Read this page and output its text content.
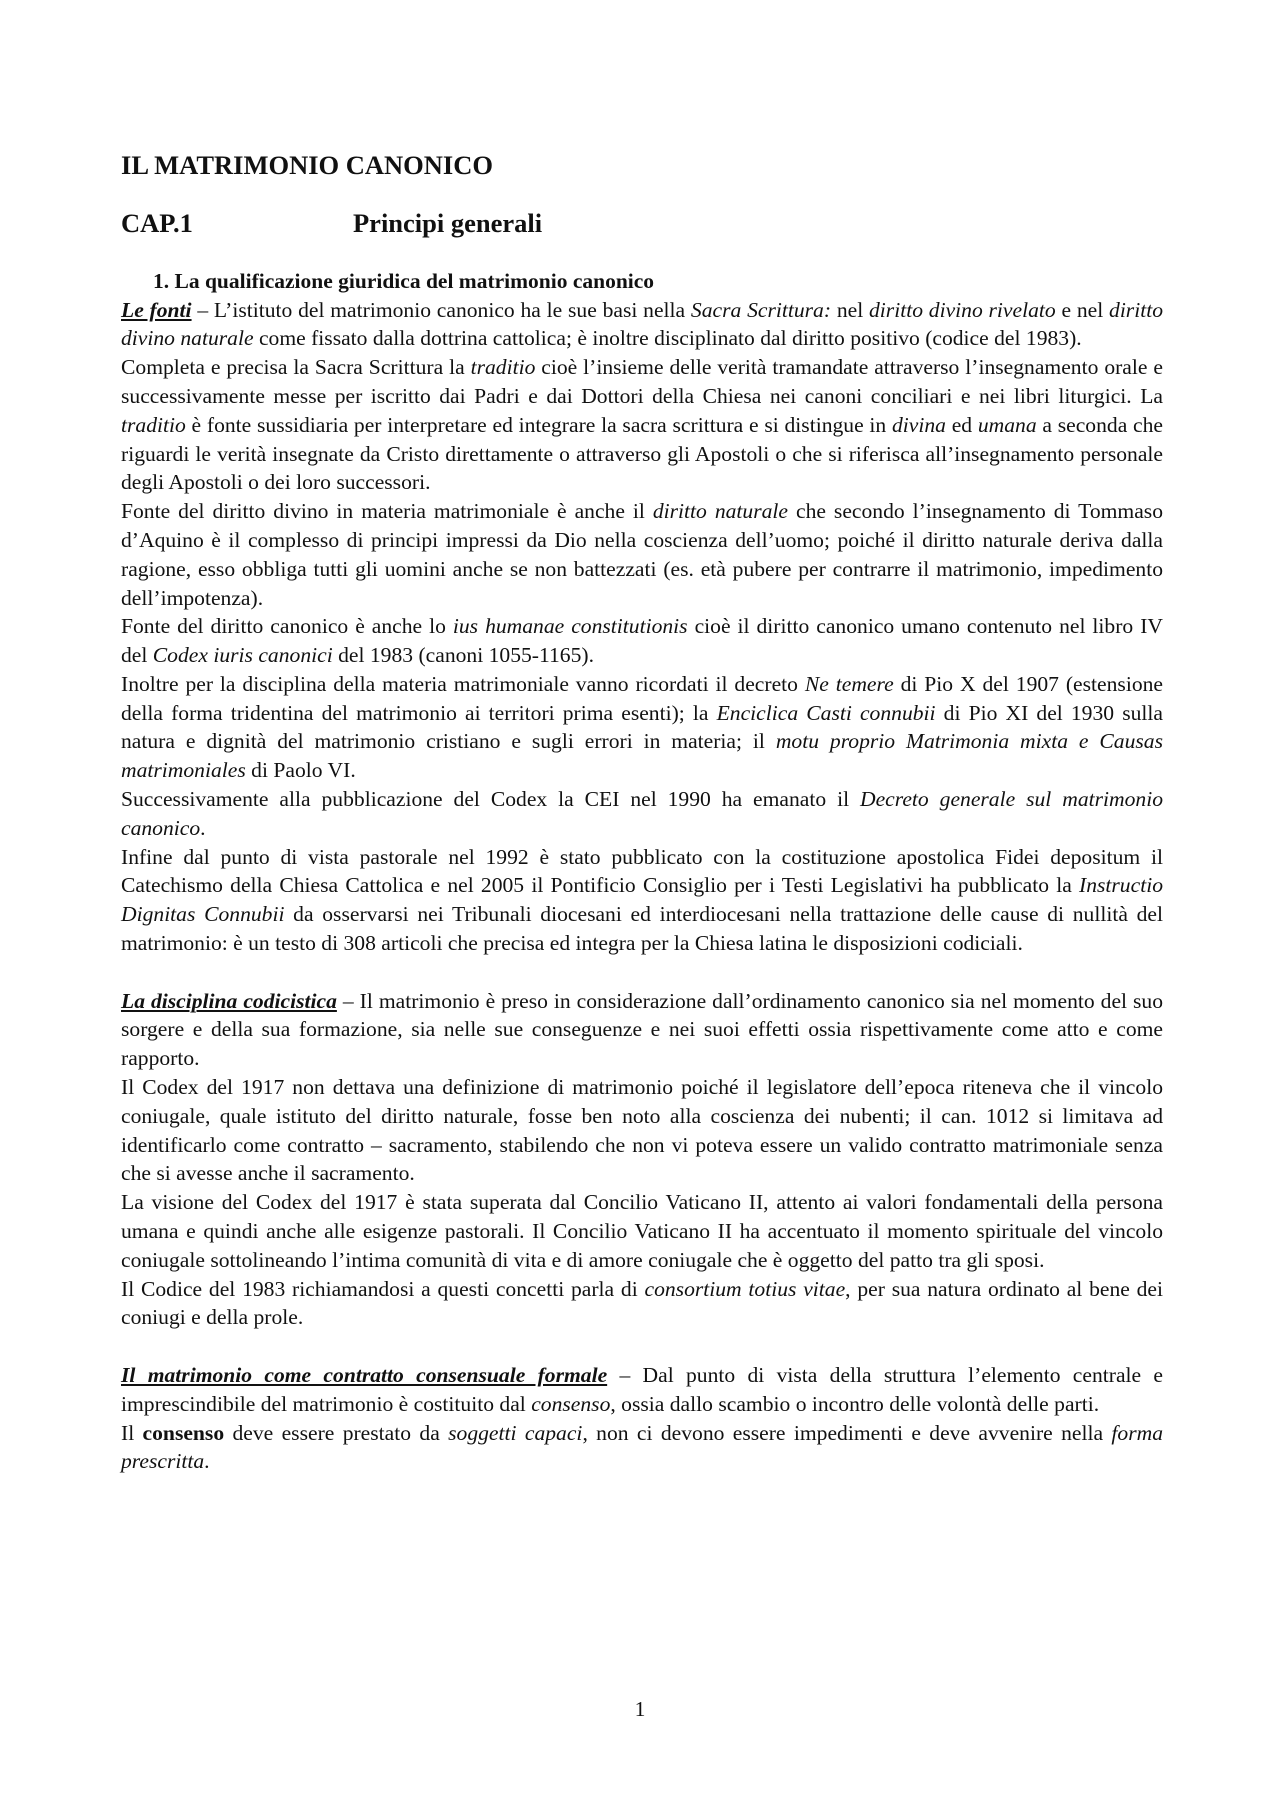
IL MATRIMONIO CANONICO
CAP.1	Principi generali
1. La qualificazione giuridica del matrimonio canonico

Le fonti – L’istituto del matrimonio canonico ha le sue basi nella Sacra Scrittura: nel diritto divino rivelato e nel diritto divino naturale come fissato dalla dottrina cattolica; è inoltre disciplinato dal diritto positivo (codice del 1983).

Completa e precisa la Sacra Scrittura la traditio cioè l’insieme delle verità tramandate attraverso l’insegnamento orale e successivamente messe per iscritto dai Padri e dai Dottori della Chiesa nei canoni conciliari e nei libri liturgici. La traditio è fonte sussidiaria per interpretare ed integrare la sacra scrittura e si distingue in divina ed umana a seconda che riguardi le verità insegnate da Cristo direttamente o attraverso gli Apostoli o che si riferisca all’insegnamento personale degli Apostoli o dei loro successori.

Fonte del diritto divino in materia matrimoniale è anche il diritto naturale che secondo l’insegnamento di Tommaso d’Aquino è il complesso di principi impressi da Dio nella coscienza dell’uomo; poiché il diritto naturale deriva dalla ragione, esso obbliga tutti gli uomini anche se non battezzati (es. età pubere per contrarre il matrimonio, impedimento dell’impotenza).

Fonte del diritto canonico è anche lo ius humanae constitutionis cioè il diritto canonico umano contenuto nel libro IV del Codex iuris canonici del 1983 (canoni 1055-1165).

Inoltre per la disciplina della materia matrimoniale vanno ricordati il decreto Ne temere di Pio X del 1907 (estensione della forma tridentina del matrimonio ai territori prima esenti); la Enciclica Casti connubii di Pio XI del 1930 sulla natura e dignità del matrimonio cristiano e sugli errori in materia; il motu proprio Matrimonia mixta e Causas matrimoniales di Paolo VI.

Successivamente alla pubblicazione del Codex la CEI nel 1990 ha emanato il Decreto generale sul matrimonio canonico.

Infine dal punto di vista pastorale nel 1992 è stato pubblicato con la costituzione apostolica Fidei depositum il Catechismo della Chiesa Cattolica e nel 2005 il Pontificio Consiglio per i Testi Legislativi ha pubblicato la Instructio Dignitas Connubii da osservarsi nei Tribunali diocesani ed interdiocesani nella trattazione delle cause di nullità del matrimonio: è un testo di 308 articoli che precisa ed integra per la Chiesa latina le disposizioni codiciali.

La disciplina codicistica – Il matrimonio è preso in considerazione dall’ordinamento canonico sia nel momento del suo sorgere e della sua formazione, sia nelle sue conseguenze e nei suoi effetti ossia rispettivamente come atto e come rapporto.

Il Codex del 1917 non dettava una definizione di matrimonio poiché il legislatore dell’epoca riteneva che il vincolo coniugale, quale istituto del diritto naturale, fosse ben noto alla coscienza dei nubenti; il can. 1012 si limitava ad identificarlo come contratto – sacramento, stabilendo che non vi poteva essere un valido contratto matrimoniale senza che si avesse anche il sacramento.

La visione del Codex del 1917 è stata superata dal Concilio Vaticano II, attento ai valori fondamentali della persona umana e quindi anche alle esigenze pastorali. Il Concilio Vaticano II ha accentuato il momento spirituale del vincolo coniugale sottolineando l’intima comunità di vita e di amore coniugale che è oggetto del patto tra gli sposi.

Il Codice del 1983 richiamandosi a questi concetti parla di consortium totius vitae, per sua natura ordinato al bene dei coniugi e della prole.

Il matrimonio come contratto consensuale formale – Dal punto di vista della struttura l’elemento centrale e imprescindibile del matrimonio è costituito dal consenso, ossia dallo scambio o incontro delle volontà delle parti.

Il consenso deve essere prestato da soggetti capaci, non ci devono essere impedimenti e deve avvenire nella forma prescritta.

1
